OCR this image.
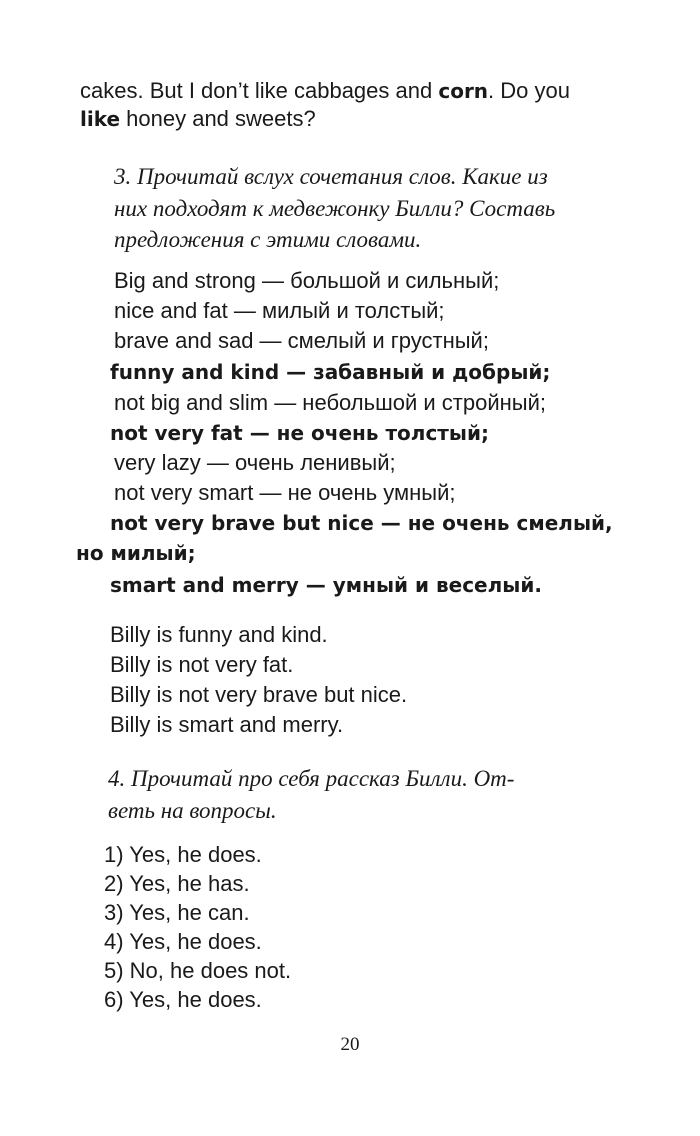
cakes. But I don’t like cabbages and corn. Do you
like honey and sweets?
3. Прочитай вслух сочетания слов. Какие из
них подходят к медвежонку Билли? Составь
предложения с этими словами.
Big and strong — большой и сильный;
nice and fat — милый и толстый;
brave and sad — смелый и грустный;
funny and kind — забавный и добрый;
not big and slim — небольшой и стройный;
not very fat — не очень толстый;
very lazy — очень ленивый;
not very smart — не очень умный;
not very brave but nice — не очень смелый,
но милый;
smart and merry — умный и веселый.
Billy is funny and kind.
Billy is not very fat.
Billy is not very brave but nice.
Billy is smart and merry.
4. Прочитай про себя рассказ Билли. От-
веть на вопросы.
1) Yes, he does.
2) Yes, he has.
3) Yes, he can.
4) Yes, he does.
5) No, he does not.
6) Yes, he does.
20
